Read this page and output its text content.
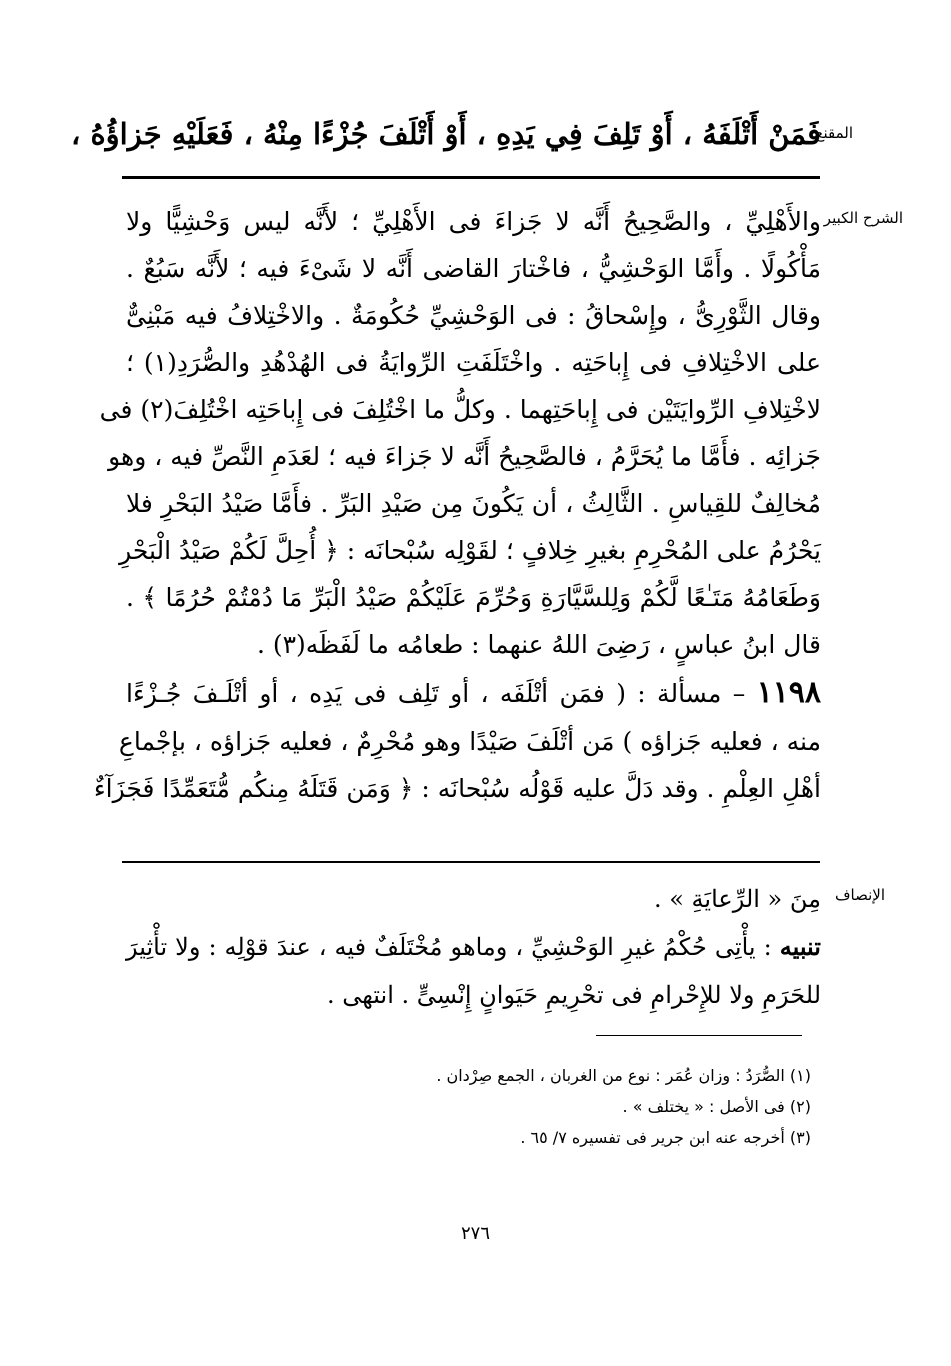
المقنع
فَمَنْ أَتْلَفَهُ ، أَوْ تَلِفَ فِي يَدِهِ ، أَوْ أَتْلَفَ جُزْءًا مِنْهُ ، فَعَلَيْهِ جَزاؤُهُ ،
الشرح الكبير
والأَهْلِيِّ ، والصَّحِيحُ أَنَّه لا جَزاءَ فى الأَهْلِيِّ ؛ لأَنَّه ليس وَحْشِيًّا ولا
مَأْكُولًا . وأَمَّا الوَحْشِيُّ ، فاخْتارَ القاضى أَنَّه لا شَىْءَ فيه ؛ لأَنَّه سَبُعٌ .
وقال الثَّوْرِىُّ ، وإِسْحاقُ : فى الوَحْشِيِّ حُكُومَةٌ . والاخْتِلافُ فيه مَبْنِىٌّ
على الاخْتِلافِ فى إِباحَتِه . واخْتَلَفَتِ الرِّوايَةُ فى الهُدْهُدِ والصُّرَدِ(١) ؛
لاخْتِلافِ الرِّوايَتَيْن فى إِباحَتِهما . وكلُّ ما اخْتُلِفَ فى إِباحَتِه اخْتُلِفَ(٢) فى
جَزائِه . فأَمَّا ما يُحَرَّمُ ، فالصَّحِيحُ أَنَّه لا جَزاءَ فيه ؛ لعَدَمِ النَّصِّ فيه ، وهو
مُخالِفٌ للقِياسِ . الثَّالِثُ ، أن يَكُونَ مِن صَيْدِ البَرِّ . فأَمَّا صَيْدُ البَحْرِ فلا
يَحْرُمُ على المُحْرِمِ بغيرِ خِلافٍ ؛ لقَوْلِه سُبْحانَه : ﴿ أُحِلَّ لَكُمْ صَيْدُ الْبَحْرِ
وَطَعَامُهُ مَتَـٰعًا لَّكُمْ وَلِلسَّيَّارَةِ وَحُرِّمَ عَلَيْكُمْ صَيْدُ الْبَرِّ مَا دُمْتُمْ حُرُمًا ﴾ .
قال ابنُ عباسٍ ، رَضِىَ اللهُ عنهما : طعامُه ما لَفَظَه(٣) .
١١٩٨ – مسألة : ( فمَن أتْلَفَه ، أو تَلِف فى يَدِه ، أو أتْلَـفَ جُـزْءًا
منه ، فعليه جَزاؤه ) مَن أتْلَفَ صَيْدًا وهو مُحْرِمٌ ، فعليه جَزاؤه ، بإجْماعِ
أهْلِ العِلْمِ . وقد دَلَّ عليه قَوْلُه سُبْحانَه : ﴿ وَمَن قَتَلَهُ مِنكُم مُّتَعَمِّدًا فَجَزَآءٌ
الإنصاف
مِنَ « الرِّعايَةِ » .
تنبيه : يأْتِى حُكْمُ غيرِ الوَحْشِيِّ ، وماهو مُخْتَلَفٌ فيه ، عندَ قوْلِه : ولا تأْثِيرَ
للحَرَمِ ولا للإِحْرامِ فى تحْرِيمِ حَيَوانٍ إِنْسِىٍّ . انتهى .
(١) الصُّرَدُ : وزان عُمَر : نوع من الغربان ، الجمع صِرْدان .
(٢) فى الأصل : « يختلف » .
(٣) أخرجه عنه ابن جرير فى تفسيره ٧/ ٦٥ .
٢٧٦
